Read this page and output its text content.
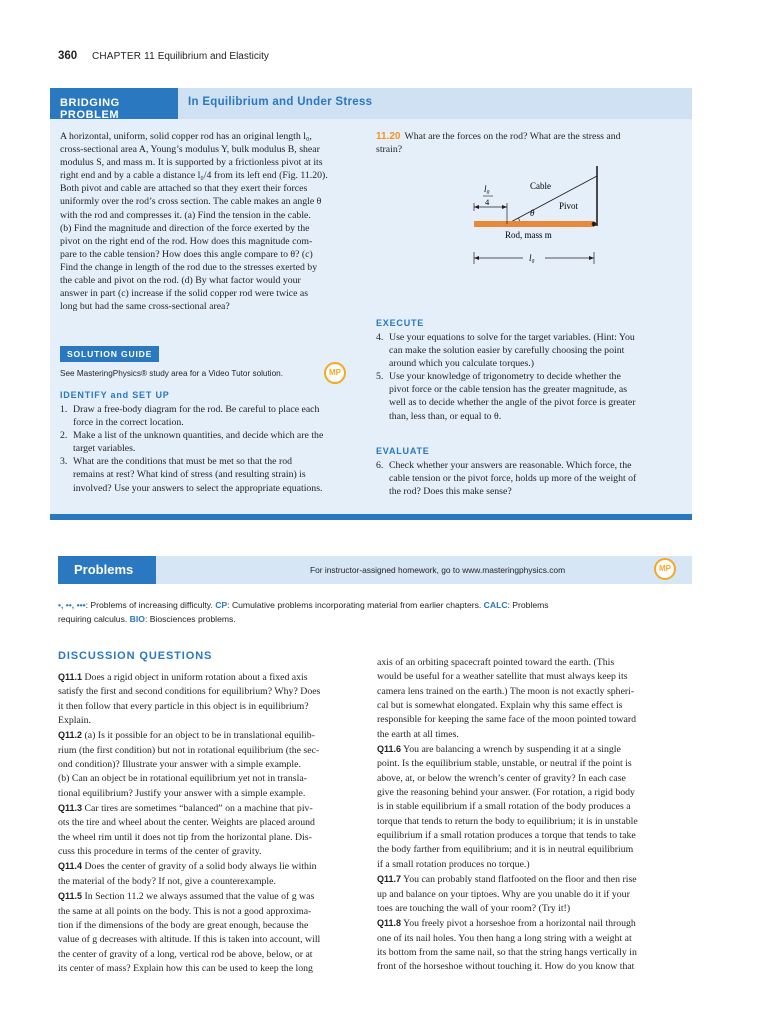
360 CHAPTER 11 Equilibrium and Elasticity
BRIDGING PROBLEM
In Equilibrium and Under Stress
A horizontal, uniform, solid copper rod has an original length l₀,
cross-sectional area A, Young’s modulus Y, bulk modulus B, shear
modulus S, and mass m. It is supported by a frictionless pivot at its
right end and by a cable a distance l₀/4 from its left end (Fig. 11.20).
Both pivot and cable are attached so that they exert their forces
uniformly over the rod’s cross section. The cable makes an angle θ
with the rod and compresses it. (a) Find the tension in the cable.
(b) Find the magnitude and direction of the force exerted by the
pivot on the right end of the rod. How does this magnitude com-
pare to the cable tension? How does this angle compare to θ? (c)
Find the change in length of the rod due to the stresses exerted by
the cable and pivot on the rod. (d) By what factor would your
answer in part (c) increase if the solid copper rod were twice as
long but had the same cross-sectional area?
SOLUTION GUIDE
See MasteringPhysics® study area for a Video Tutor solution.	MP
IDENTIFY and SET UP
1. Draw a free-body diagram for the rod. Be careful to place each
force in the correct location.
2. Make a list of the unknown quantities, and decide which are the
target variables.
3. What are the conditions that must be met so that the rod
remains at rest? What kind of stress (and resulting strain) is
involved? Use your answers to select the appropriate equations.
11.20 What are the forces on the rod? What are the stress and
strain?
l₀
4
Cable
Pivot
θ
Rod, mass m
l₀
EXECUTE
4. Use your equations to solve for the target variables. (Hint: You
can make the solution easier by carefully choosing the point
around which you calculate torques.)
5. Use your knowledge of trigonometry to decide whether the
pivot force or the cable tension has the greater magnitude, as
well as to decide whether the angle of the pivot force is greater
than, less than, or equal to θ.
EVALUATE
6. Check whether your answers are reasonable. Which force, the
cable tension or the pivot force, holds up more of the weight of
the rod? Does this make sense?
Problems	For instructor-assigned homework, go to www.masteringphysics.com	MP
•, ••, •••: Problems of increasing difficulty. CP: Cumulative problems incorporating material from earlier chapters. CALC: Problems
requiring calculus. BIO: Biosciences problems.
DISCUSSION QUESTIONS
Q11.1 Does a rigid object in uniform rotation about a fixed axis
satisfy the first and second conditions for equilibrium? Why? Does
it then follow that every particle in this object is in equilibrium?
Explain.
Q11.2 (a) Is it possible for an object to be in translational equilib-
rium (the first condition) but not in rotational equilibrium (the sec-
ond condition)? Illustrate your answer with a simple example.
(b) Can an object be in rotational equilibrium yet not in transla-
tional equilibrium? Justify your answer with a simple example.
Q11.3 Car tires are sometimes “balanced” on a machine that piv-
ots the tire and wheel about the center. Weights are placed around
the wheel rim until it does not tip from the horizontal plane. Dis-
cuss this procedure in terms of the center of gravity.
Q11.4 Does the center of gravity of a solid body always lie within
the material of the body? If not, give a counterexample.
Q11.5 In Section 11.2 we always assumed that the value of g was
the same at all points on the body. This is not a good approxima-
tion if the dimensions of the body are great enough, because the
value of g decreases with altitude. If this is taken into account, will
the center of gravity of a long, vertical rod be above, below, or at
its center of mass? Explain how this can be used to keep the long
axis of an orbiting spacecraft pointed toward the earth. (This
would be useful for a weather satellite that must always keep its
camera lens trained on the earth.) The moon is not exactly spheri-
cal but is somewhat elongated. Explain why this same effect is
responsible for keeping the same face of the moon pointed toward
the earth at all times.
Q11.6 You are balancing a wrench by suspending it at a single
point. Is the equilibrium stable, unstable, or neutral if the point is
above, at, or below the wrench’s center of gravity? In each case
give the reasoning behind your answer. (For rotation, a rigid body
is in stable equilibrium if a small rotation of the body produces a
torque that tends to return the body to equilibrium; it is in unstable
equilibrium if a small rotation produces a torque that tends to take
the body farther from equilibrium; and it is in neutral equilibrium
if a small rotation produces no torque.)
Q11.7 You can probably stand flatfooted on the floor and then rise
up and balance on your tiptoes. Why are you unable do it if your
toes are touching the wall of your room? (Try it!)
Q11.8 You freely pivot a horseshoe from a horizontal nail through
one of its nail holes. You then hang a long string with a weight at
its bottom from the same nail, so that the string hangs vertically in
front of the horseshoe without touching it. How do you know that
